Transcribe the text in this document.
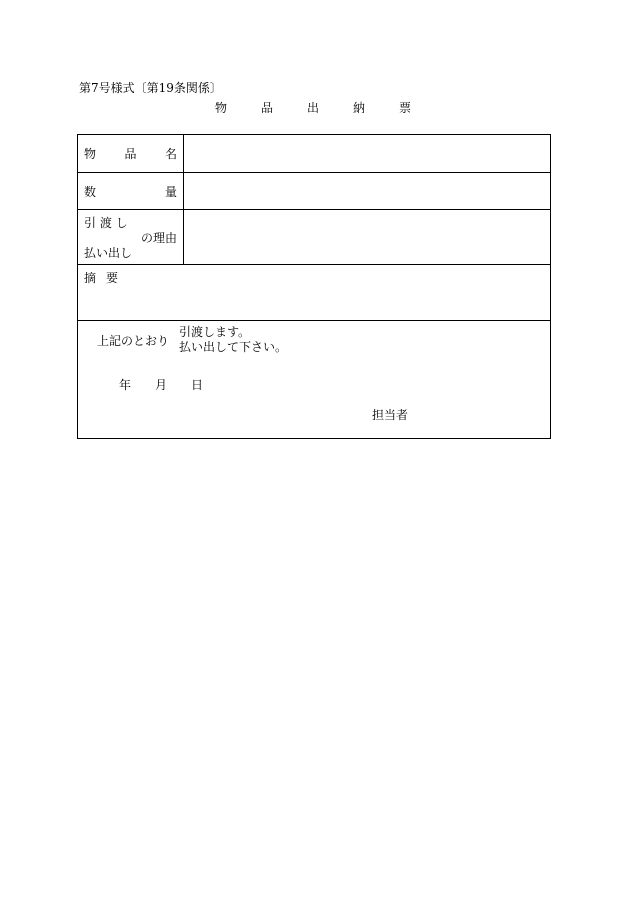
第7号様式〔第19条関係〕
物	品	出	納	票
物 品 名
数	量
引 渡 し
の理由
払い出し
摘 要
上記のとおり
引渡します。
払い出して下さい。
年 月 日
担当者
